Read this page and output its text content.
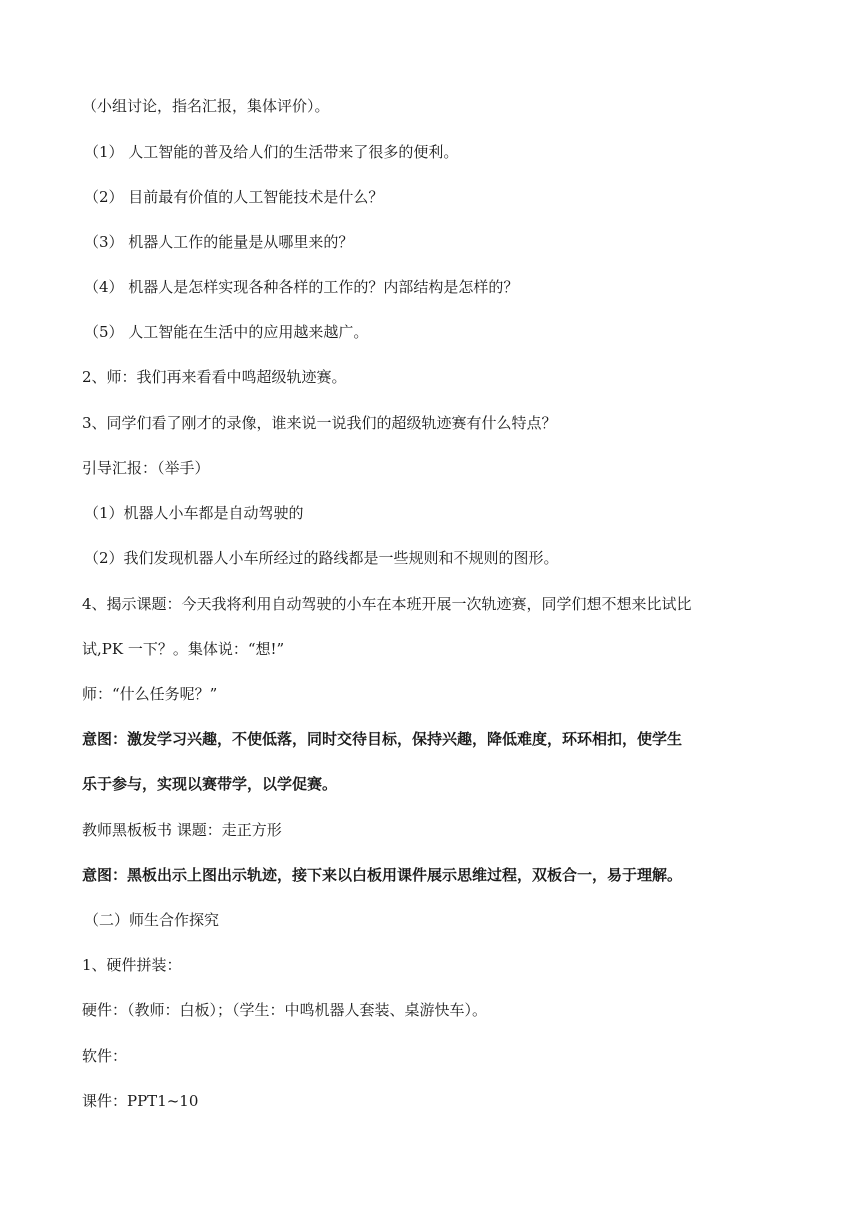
（小组讨论，指名汇报，集体评价）。
（1） 人工智能的普及给人们的生活带来了很多的便利。
（2） 目前最有价值的人工智能技术是什么？
（3） 机器人工作的能量是从哪里来的？
（4） 机器人是怎样实现各种各样的工作的？内部结构是怎样的？
（5） 人工智能在生活中的应用越来越广。
2、师：我们再来看看中鸣超级轨迹赛。
3、同学们看了刚才的录像，谁来说一说我们的超级轨迹赛有什么特点？
引导汇报：（举手）
（1）机器人小车都是自动驾驶的
（2）我们发现机器人小车所经过的路线都是一些规则和不规则的图形。
4、揭示课题：今天我将利用自动驾驶的小车在本班开展一次轨迹赛，同学们想不想来比试比
试,PK 一下？。集体说：“想!”
师：“什么任务呢？”
意图：激发学习兴趣，不使低落，同时交待目标，保持兴趣，降低难度，环环相扣，使学生
乐于参与，实现以赛带学，以学促赛。
教师黑板板书 课题：走正方形
意图：黑板出示上图出示轨迹，接下来以白板用课件展示思维过程，双板合一，易于理解。
（二）师生合作探究
1、硬件拼装：
硬件：（教师：白板）；（学生：中鸣机器人套装、桌游快车）。
软件：
课件：PPT1~10
